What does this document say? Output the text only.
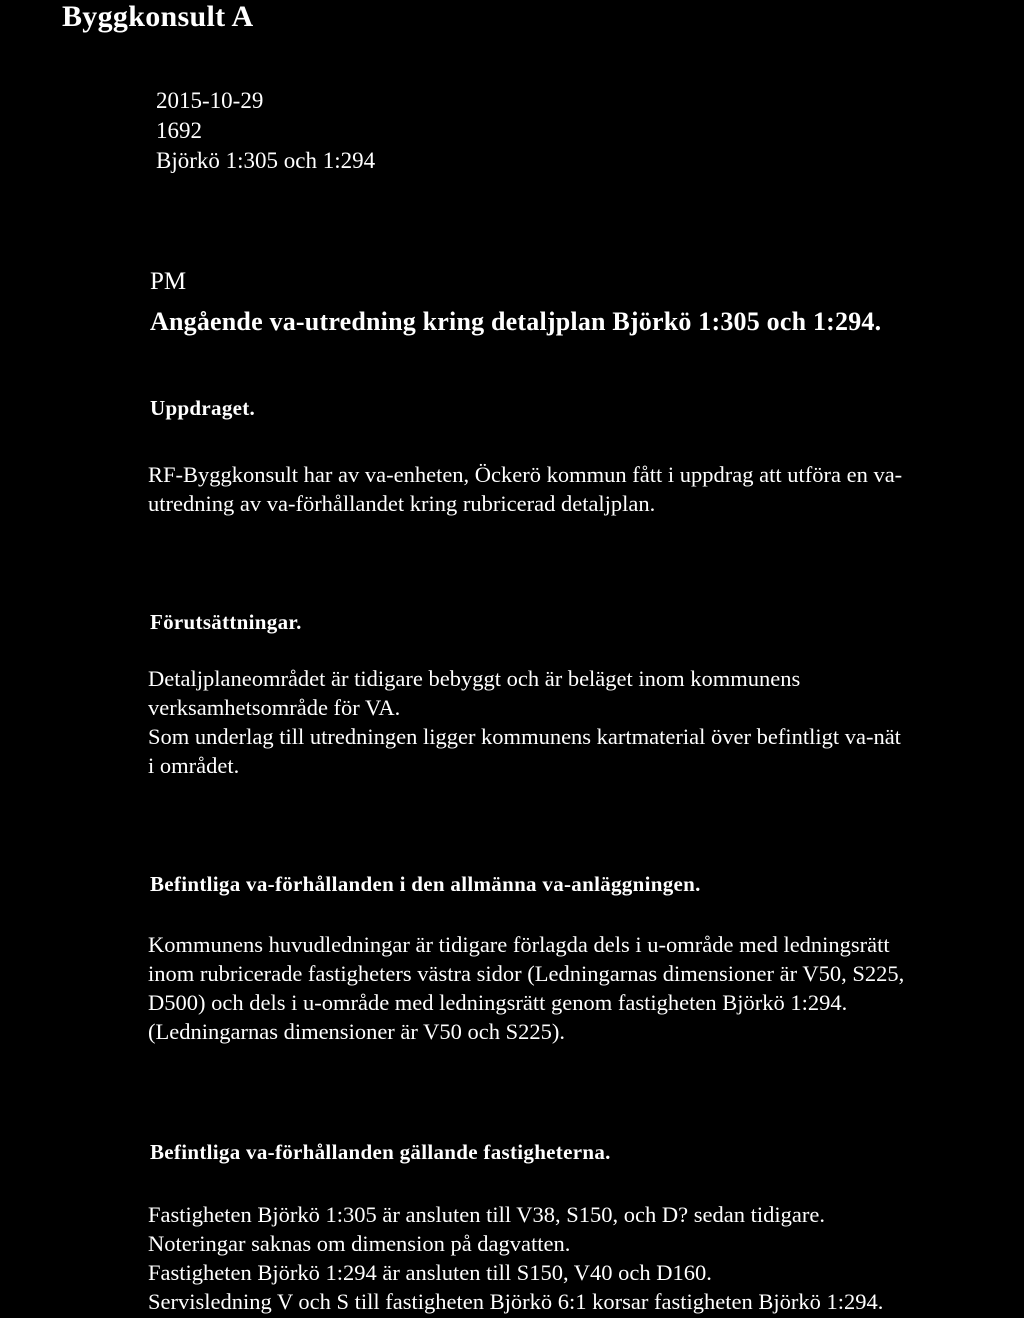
Byggkonsult A
2015-10-29
1692
Björkö 1:305 och 1:294
PM
Angående va-utredning kring detaljplan Björkö 1:305 och 1:294.
Uppdraget.
RF-Byggkonsult har av va-enheten, Öckerö kommun fått i uppdrag att utföra en va-
utredning av va-förhållandet kring rubricerad detaljplan.
Förutsättningar.
Detaljplaneområdet är tidigare bebyggt och är beläget inom kommunens
verksamhetsområde för VA.
Som underlag till utredningen ligger kommunens kartmaterial över befintligt va-nät
i området.
Befintliga va-förhållanden i den allmänna va-anläggningen.
Kommunens huvudledningar är tidigare förlagda dels i u-område med ledningsrätt
inom rubricerade fastigheters västra sidor (Ledningarnas dimensioner är V50, S225,
D500) och dels i u-område med ledningsrätt genom fastigheten Björkö 1:294.
(Ledningarnas dimensioner är V50 och S225).
Befintliga va-förhållanden gällande fastigheterna.
Fastigheten Björkö 1:305 är ansluten till V38, S150, och D? sedan tidigare.
Noteringar saknas om dimension på dagvatten.
Fastigheten Björkö 1:294 är ansluten till S150, V40 och D160.
Servisledning V och S till fastigheten Björkö 6:1 korsar fastigheten Björkö 1:294.
